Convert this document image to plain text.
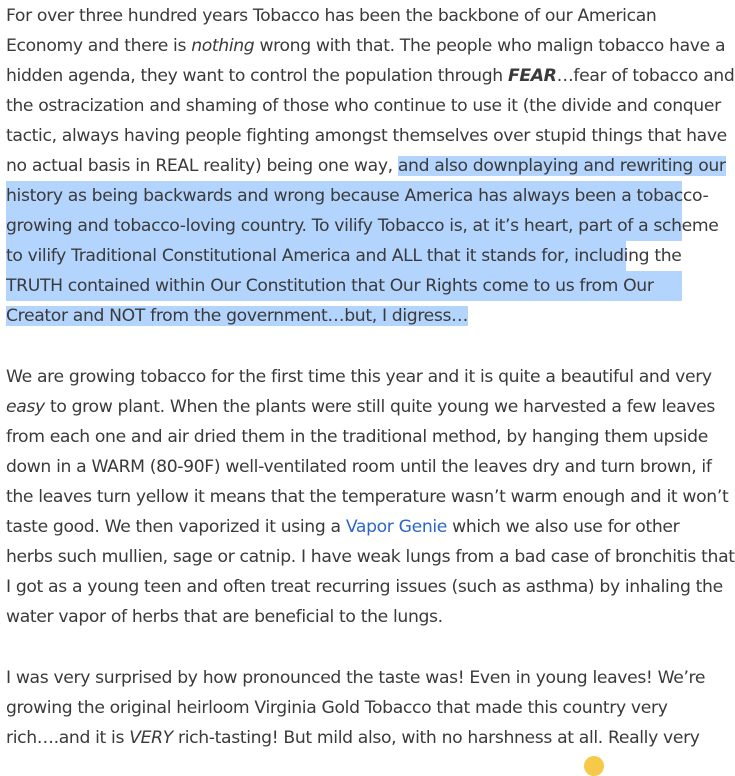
For over three hundred years Tobacco has been the backbone of our American
Economy and there is nothing wrong with that. The people who malign tobacco have a
hidden agenda, they want to control the population through FEAR…fear of tobacco and
the ostracization and shaming of those who continue to use it (the divide and conquer
tactic, always having people fighting amongst themselves over stupid things that have
no actual basis in REAL reality) being one way, and also downplaying and rewriting our
history as being backwards and wrong because America has always been a tobacco-
growing and tobacco-loving country. To vilify Tobacco is, at it’s heart, part of a scheme
to vilify Traditional Constitutional America and ALL that it stands for, including the
TRUTH contained within Our Constitution that Our Rights come to us from Our
Creator and NOT from the government…but, I digress…
We are growing tobacco for the first time this year and it is quite a beautiful and very
easy to grow plant. When the plants were still quite young we harvested a few leaves
from each one and air dried them in the traditional method, by hanging them upside
down in a WARM (80-90F) well-ventilated room until the leaves dry and turn brown, if
the leaves turn yellow it means that the temperature wasn’t warm enough and it won’t
taste good. We then vaporized it using a Vapor Genie which we also use for other
herbs such mullien, sage or catnip. I have weak lungs from a bad case of bronchitis that
I got as a young teen and often treat recurring issues (such as asthma) by inhaling the
water vapor of herbs that are beneficial to the lungs.
I was very surprised by how pronounced the taste was! Even in young leaves! We’re
growing the original heirloom Virginia Gold Tobacco that made this country very
rich….and it is VERY rich-tasting! But mild also, with no harshness at all. Really very
